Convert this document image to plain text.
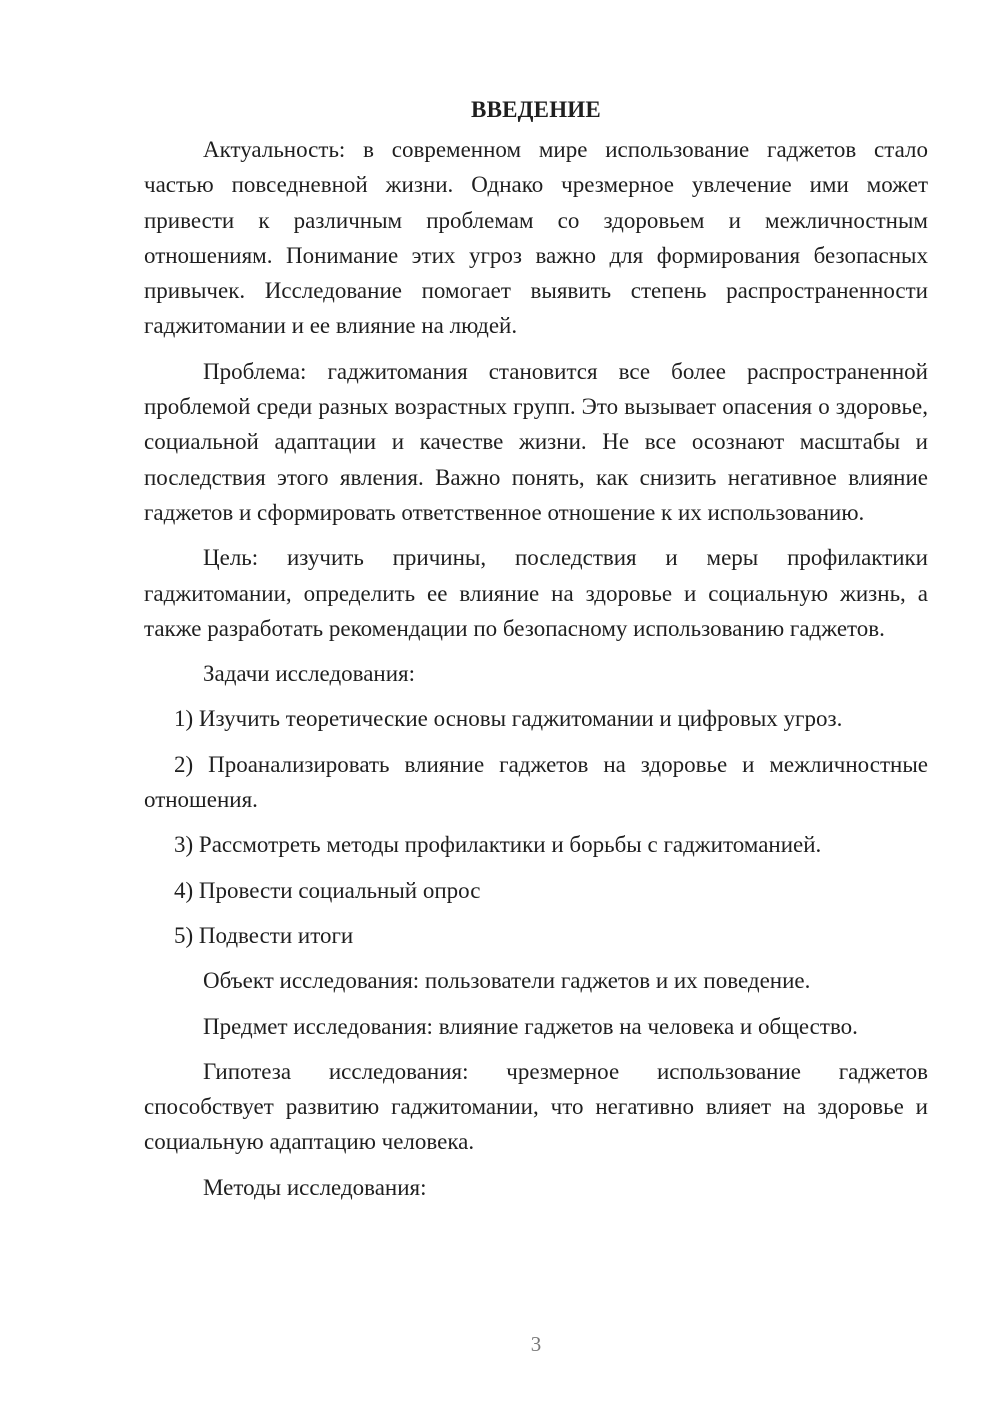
ВВЕДЕНИЕ

Актуальность: в современном мире использование гаджетов стало частью повседневной жизни. Однако чрезмерное увлечение ими может привести к различным проблемам со здоровьем и межличностным отношениям. Понимание этих угроз важно для формирования безопасных привычек. Исследование помогает выявить степень распространенности гаджитомании и ее влияние на людей.

Проблема: гаджитомания становится все более распространенной проблемой среди разных возрастных групп. Это вызывает опасения о здоровье, социальной адаптации и качестве жизни. Не все осознают масштабы и последствия этого явления. Важно понять, как снизить негативное влияние гаджетов и сформировать ответственное отношение к их использованию.

Цель: изучить причины, последствия и меры профилактики гаджитомании, определить ее влияние на здоровье и социальную жизнь, а также разработать рекомендации по безопасному использованию гаджетов.

Задачи исследования:

1) Изучить теоретические основы гаджитомании и цифровых угроз.

2) Проанализировать влияние гаджетов на здоровье и межличностные отношения.

3) Рассмотреть методы профилактики и борьбы с гаджитоманией.

4) Провести социальный опрос

5) Подвести итоги

Объект исследования: пользователи гаджетов и их поведение.

Предмет исследования: влияние гаджетов на человека и общество.

Гипотеза исследования: чрезмерное использование гаджетов способствует развитию гаджитомании, что негативно влияет на здоровье и социальную адаптацию человека.

Методы исследования:

3
